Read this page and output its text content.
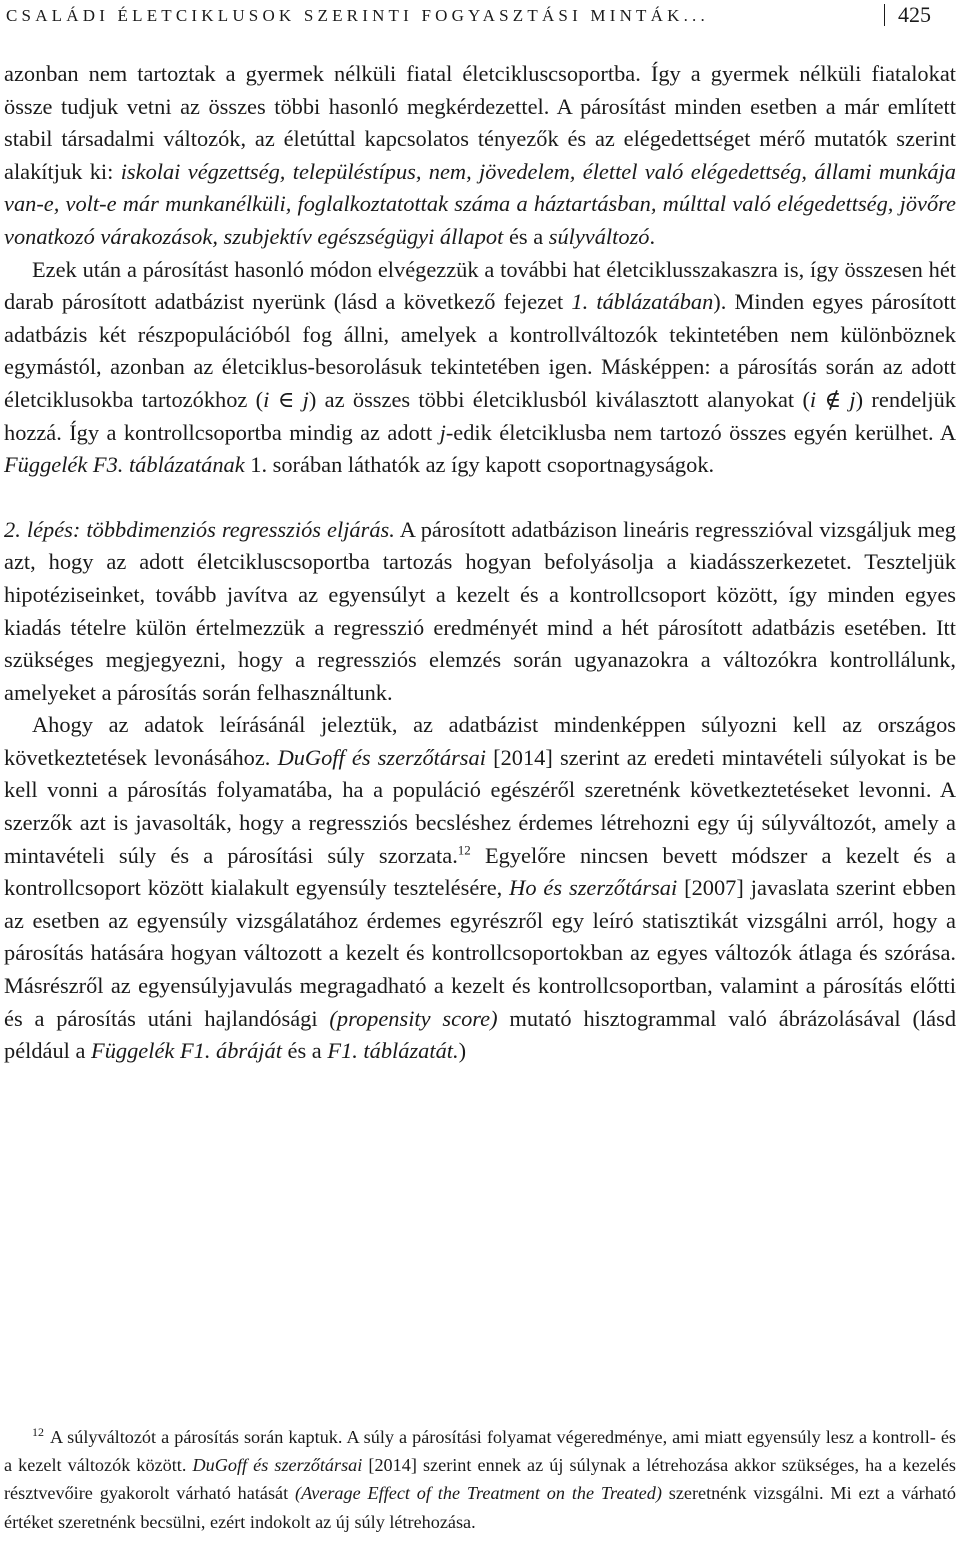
CSALÁDI ÉLETCIKLUSOK SZERINTI FOGYASZTÁSI MINTÁK...	425

azonban nem tartoztak a gyermek nélküli fiatal életcikluscsoportba. Így a gyermek nélküli fiatalokat össze tudjuk vetni az összes többi hasonló megkérdezettel. A párosítást minden esetben a már említett stabil társadalmi változók, az életúttal kapcsolatos tényezők és az elégedettséget mérő mutatók szerint alakítjuk ki: iskolai végzettség, településtípus, nem, jövedelem, élettel való elégedettség, állami munkája van-e, volt-e már munkanélküli, foglalkoztatottak száma a háztartásban, múlttal való elégedettség, jövőre vonatkozó várakozások, szubjektív egészségügyi állapot és a súlyváltozó.

Ezek után a párosítást hasonló módon elvégezzük a további hat életciklusszakaszra is, így összesen hét darab párosított adatbázist nyerünk (lásd a következő fejezet 1. táblázatában). Minden egyes párosított adatbázis két részpopulációból fog állni, amelyek a kontrollváltozók tekintetében nem különböznek egymástól, azonban az életciklus-besorolásuk tekintetében igen. Másképpen: a párosítás során az adott életciklusokba tartozókhoz (i ∈ j) az összes többi életciklusból kiválasztott alanyokat (i ∉ j) rendeljük hozzá. Így a kontrollcsoportba mindig az adott j-edik életciklusba nem tartozó összes egyén kerülhet. A Függelék F3. táblázatának 1. sorában láthatók az így kapott csoportnagyságok.

2. lépés: többdimenziós regressziós eljárás. A párosított adatbázison lineáris regresszióval vizsgáljuk meg azt, hogy az adott életcikluscsoportba tartozás hogyan befolyásolja a kiadásszerkezetet. Teszteljük hipotéziseinket, tovább javítva az egyensúlyt a kezelt és a kontrollcsoport között, így minden egyes kiadás tételre külön értelmezzük a regresszió eredményét mind a hét párosított adatbázis esetében. Itt szükséges megjegyezni, hogy a regressziós elemzés során ugyanazokra a változókra kontrollálunk, amelyeket a párosítás során felhasználtunk.

Ahogy az adatok leírásánál jeleztük, az adatbázist mindenképpen súlyozni kell az országos következtetések levonásához. DuGoff és szerzőtársai [2014] szerint az eredeti mintavételi súlyokat is be kell vonni a párosítás folyamatába, ha a populáció egészéről szeretnénk következtetéseket levonni. A szerzők azt is javasolták, hogy a regressziós becsléshez érdemes létrehozni egy új súlyváltozót, amely a mintavételi súly és a párosítási súly szorzata.$^{12}$ Egyelőre nincsen bevett módszer a kezelt és a kontrollcsoport között kialakult egyensúly tesztelésére, Ho és szerzőtársai [2007] javaslata szerint ebben az esetben az egyensúly vizsgálatához érdemes egyrészről egy leíró statisztikát vizsgálni arról, hogy a párosítás hatására hogyan változott a kezelt és kontrollcsoportokban az egyes változók átlaga és szórása. Másrészről az egyensúlyjavulás megragadható a kezelt és kontrollcsoportban, valamint a párosítás előtti és a párosítás utáni hajlandósági (propensity score) mutató hisztogrammal való ábrázolásával (lásd például a Függelék F1. ábráját és a F1. táblázatát.)

$^{12}$ A súlyváltozót a párosítás során kaptuk. A súly a párosítási folyamat végeredménye, ami miatt egyensúly lesz a kontroll- és a kezelt változók között. DuGoff és szerzőtársai [2014] szerint ennek az új súlynak a létrehozása akkor szükséges, ha a kezelés résztvevőire gyakorolt várható hatását (Average Effect of the Treatment on the Treated) szeretnénk vizsgálni. Mi ezt a várható értéket szeretnénk becsülni, ezért indokolt az új súly létrehozása.
